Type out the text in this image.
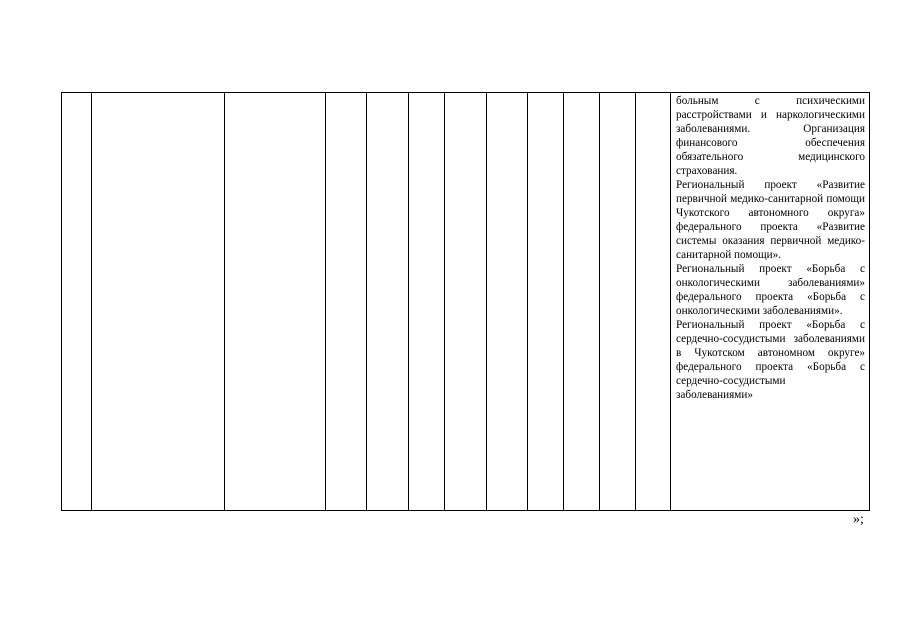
больным с психическими расстройствами и наркологическими заболеваниями. Организация финансового обеспечения обязательного медицинского страхования.

Региональный проект «Развитие первичной медико-санитарной помощи Чукотского автономного округа» федерального проекта «Развитие системы оказания первичной медико-санитарной помощи».

Региональный проект «Борьба с онкологическими заболеваниями» федерального проекта «Борьба с онкологическими заболеваниями».

Региональный проект «Борьба с сердечно-сосудистыми заболеваниями в Чукотском автономном округе» федерального проекта «Борьба с сердечно-сосудистыми заболеваниями»

»;
